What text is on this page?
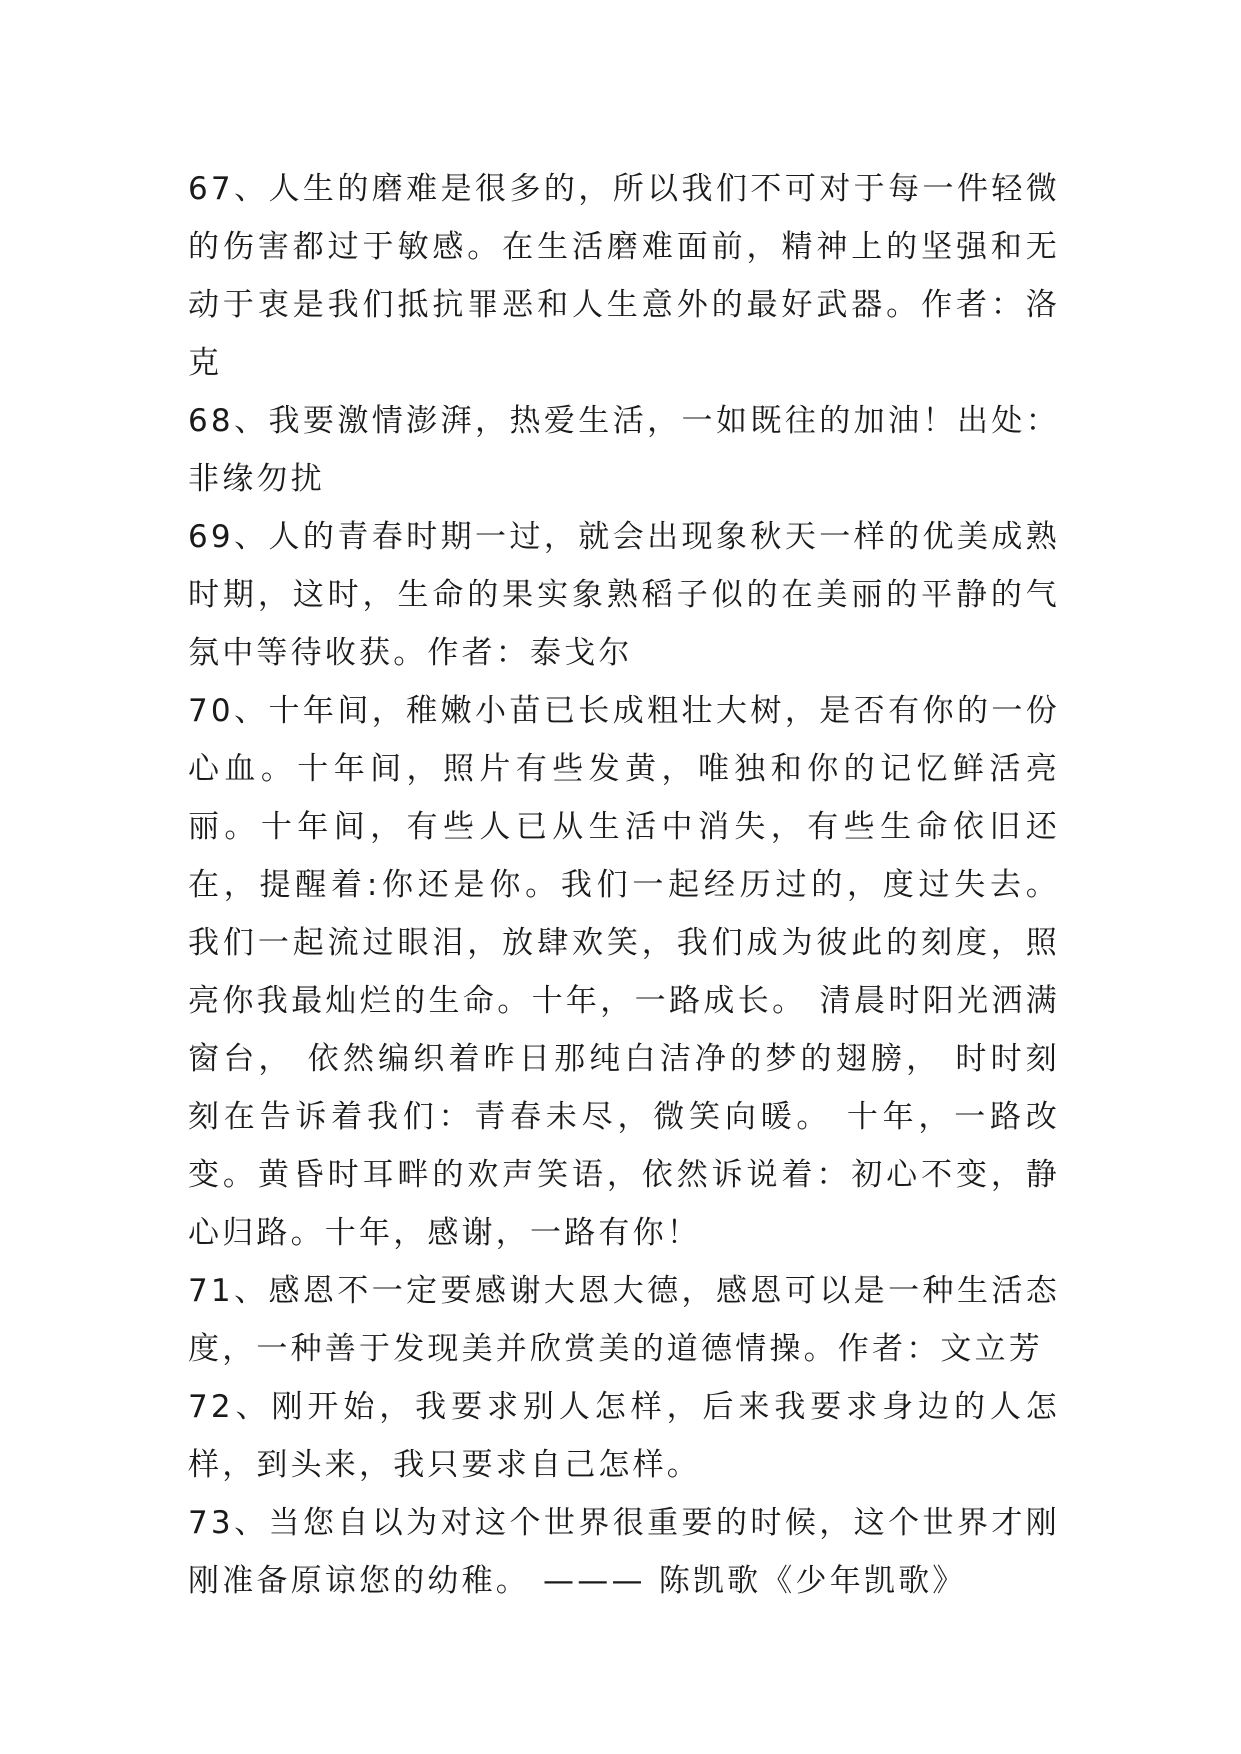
67、人生的磨难是很多的，所以我们不可对于每一件轻微的伤害都过于敏感。在生活磨难面前，精神上的坚强和无动于衷是我们抵抗罪恶和人生意外的最好武器。作者：洛克

68、我要激情澎湃，热爱生活，一如既往的加油！出处：非缘勿扰

69、人的青春时期一过，就会出现象秋天一样的优美成熟时期，这时，生命的果实象熟稻子似的在美丽的平静的气氛中等待收获。作者：泰戈尔

70、十年间，稚嫩小苗已长成粗壮大树，是否有你的一份心血。十年间，照片有些发黄，唯独和你的记忆鲜活亮丽。十年间，有些人已从生活中消失，有些生命依旧还在，提醒着:你还是你。我们一起经历过的，度过失去。 我们一起流过眼泪，放肆欢笑，我们成为彼此的刻度，照亮你我最灿烂的生命。十年，一路成长。 清晨时阳光洒满窗台， 依然编织着昨日那纯白洁净的梦的翅膀， 时时刻刻在告诉着我们：青春未尽，微笑向暖。 十年，一路改变。黄昏时耳畔的欢声笑语，依然诉说着：初心不变，静心归路。十年，感谢，一路有你！

71、感恩不一定要感谢大恩大德，感恩可以是一种生活态度，一种善于发现美并欣赏美的道德情操。作者：文立芳

72、刚开始，我要求别人怎样，后来我要求身边的人怎样，到头来，我只要求自己怎样。

73、当您自以为对这个世界很重要的时候，这个世界才刚刚准备原谅您的幼稚。 ——— 陈凯歌《少年凯歌》
